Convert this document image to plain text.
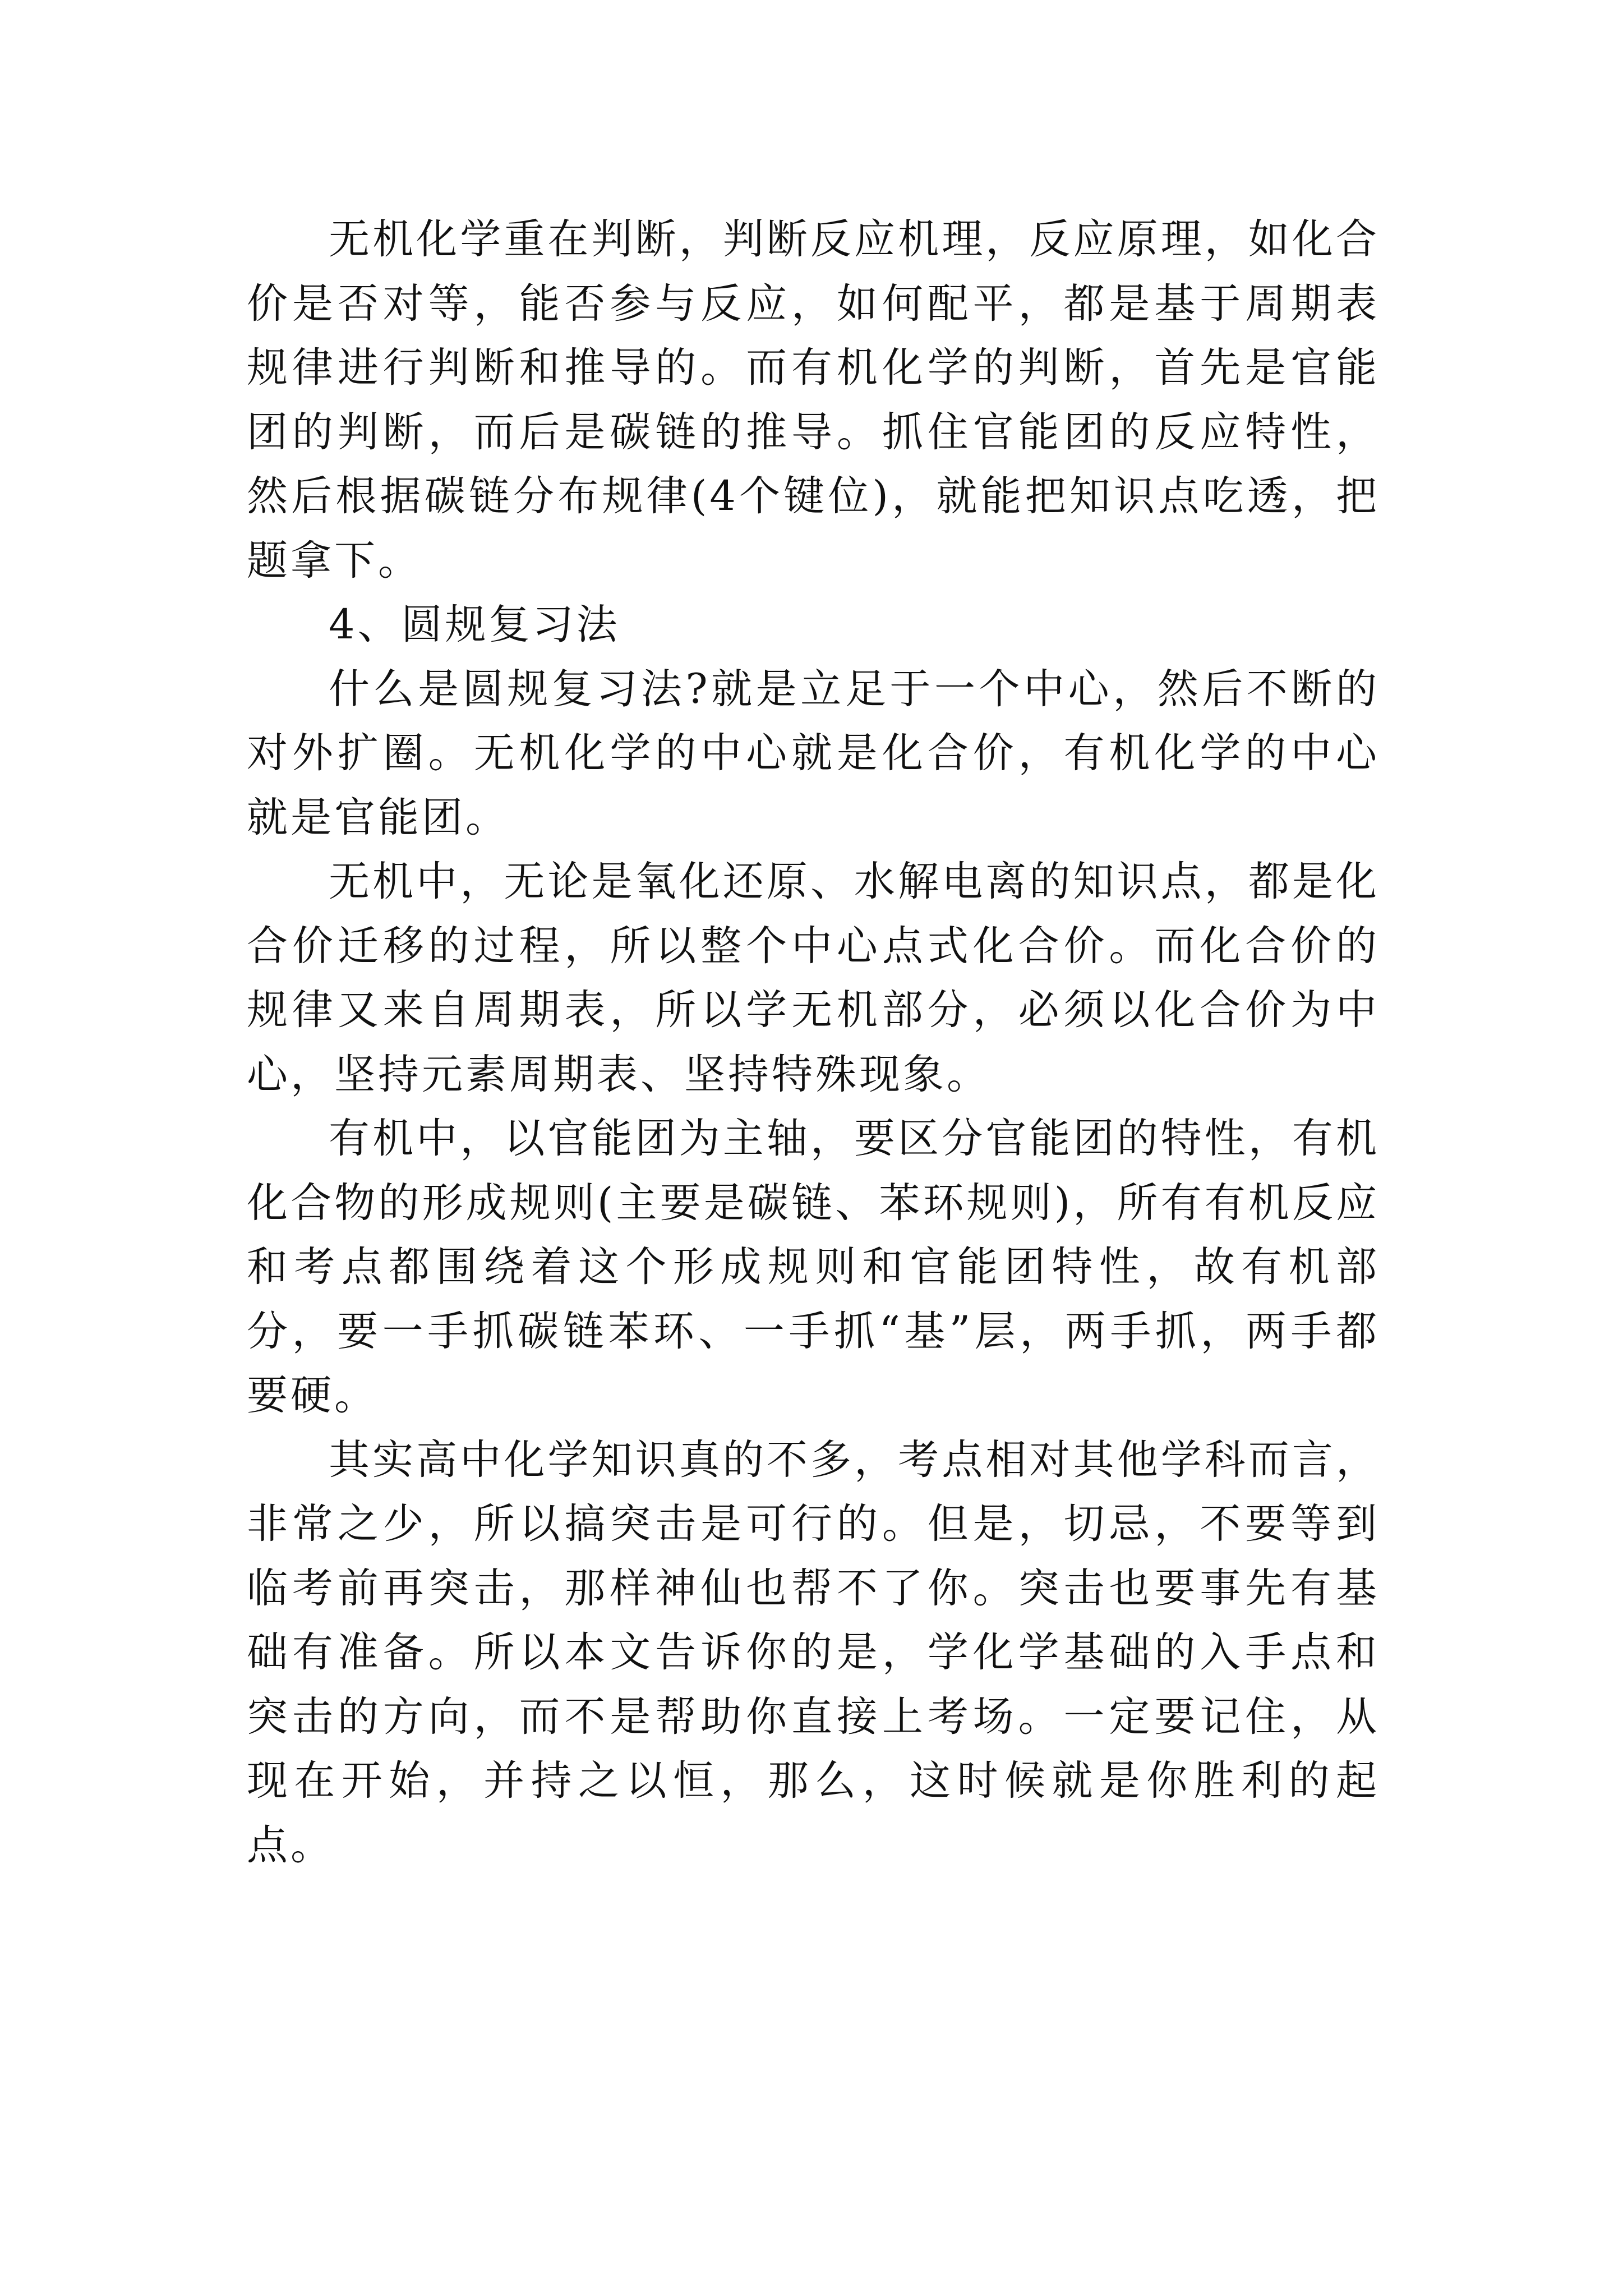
无机化学重在判断，判断反应机理，反应原理，如化合价是否对等，能否参与反应，如何配平，都是基于周期表规律进行判断和推导的。而有机化学的判断，首先是官能团的判断，而后是碳链的推导。抓住官能团的反应特性，然后根据碳链分布规律(4个键位)，就能把知识点吃透，把题拿下。

4、圆规复习法

什么是圆规复习法?就是立足于一个中心，然后不断的对外扩圈。无机化学的中心就是化合价，有机化学的中心就是官能团。

无机中，无论是氧化还原、水解电离的知识点，都是化合价迁移的过程，所以整个中心点式化合价。而化合价的规律又来自周期表，所以学无机部分，必须以化合价为中心，坚持元素周期表、坚持特殊现象。

有机中，以官能团为主轴，要区分官能团的特性，有机化合物的形成规则(主要是碳链、苯环规则)，所有有机反应和考点都围绕着这个形成规则和官能团特性，故有机部分，要一手抓碳链苯环、一手抓“基”层，两手抓，两手都要硬。

其实高中化学知识真的不多，考点相对其他学科而言，非常之少，所以搞突击是可行的。但是，切忌，不要等到临考前再突击，那样神仙也帮不了你。突击也要事先有基础有准备。所以本文告诉你的是，学化学基础的入手点和突击的方向，而不是帮助你直接上考场。一定要记住，从现在开始，并持之以恒，那么，这时候就是你胜利的起点。
